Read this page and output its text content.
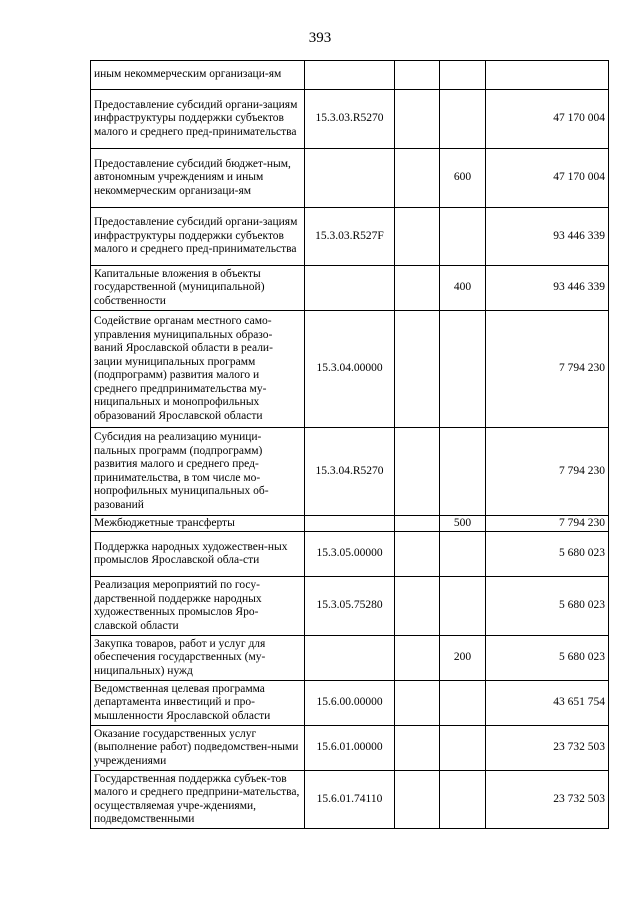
393
иным некоммерческим организаци-ям				
Предоставление субсидий органи-зациям инфраструктуры поддержки субъектов малого и среднего пред-принимательства	15.3.03.R5270			47 170 004
Предоставление субсидий бюджет-ным, автономным учреждениям и иным некоммерческим организаци-ям			600	47 170 004
Предоставление субсидий органи-зациям инфраструктуры поддержки субъектов малого и среднего пред-принимательства	15.3.03.R527F			93 446 339
Капитальные вложения в объекты государственной (муниципальной) собственности			400	93 446 339
Содействие органам местного само-управления муниципальных образо-ваний Ярославской области в реали-зации муниципальных программ (подпрограмм) развития малого и среднего предпринимательства му-ниципальных и монопрофильных образований Ярославской области	15.3.04.00000			7 794 230
Субсидия на реализацию муници-пальных программ (подпрограмм) развития малого и среднего пред-принимательства, в том числе мо-нопрофильных муниципальных об-разований	15.3.04.R5270			7 794 230
Межбюджетные трансферты			500	7 794 230
Поддержка народных художествен-ных промыслов Ярославской обла-сти	15.3.05.00000			5 680 023
Реализация мероприятий по госу-дарственной поддержке народных художественных промыслов Яро-славской области	15.3.05.75280			5 680 023
Закупка товаров, работ и услуг для обеспечения государственных (му-ниципальных) нужд			200	5 680 023
Ведомственная целевая программа департамента инвестиций и про-мышленности Ярославской области	15.6.00.00000			43 651 754
Оказание государственных услуг (выполнение работ) подведомствен-ными учреждениями	15.6.01.00000			23 732 503
Государственная поддержка субъек-тов малого и среднего предприни-мательства, осуществляемая учре-ждениями, подведомственными	15.6.01.74110			23 732 503
